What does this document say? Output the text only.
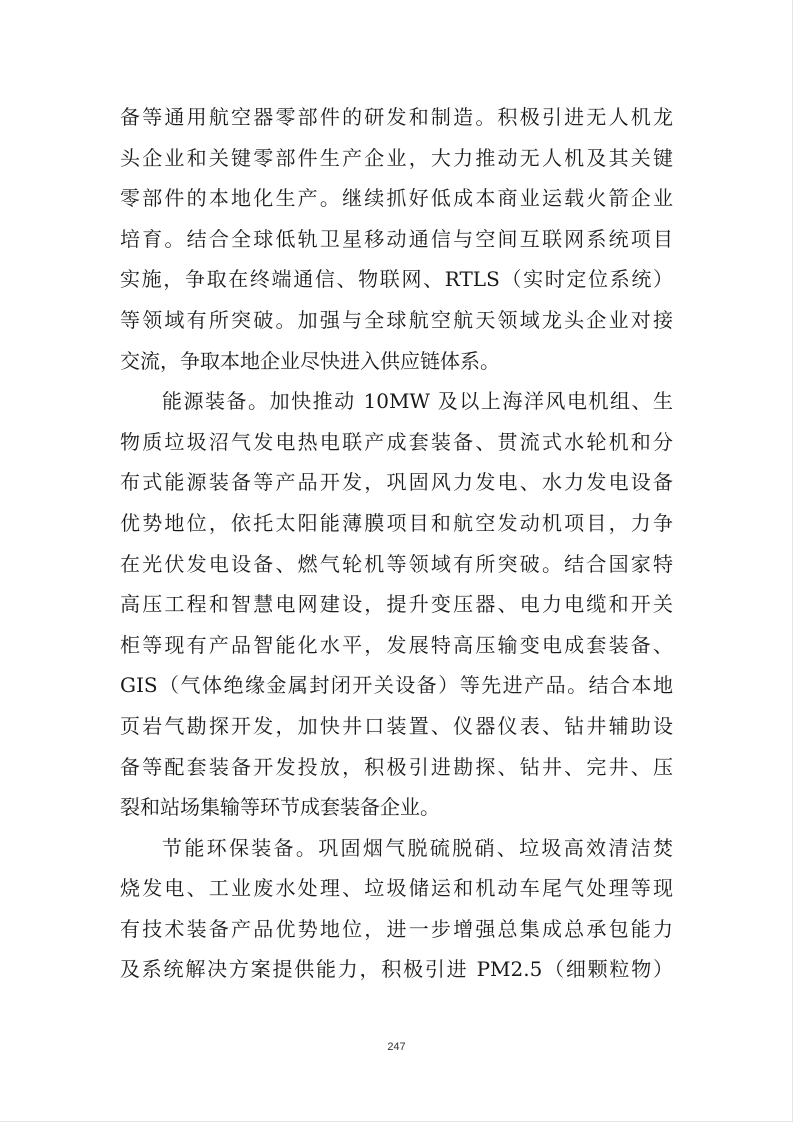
备等通用航空器零部件的研发和制造。积极引进无人机龙
头企业和关键零部件生产企业，大力推动无人机及其关键
零部件的本地化生产。继续抓好低成本商业运载火箭企业
培育。结合全球低轨卫星移动通信与空间互联网系统项目
实施，争取在终端通信、物联网、RTLS（实时定位系统）
等领域有所突破。加强与全球航空航天领域龙头企业对接
交流，争取本地企业尽快进入供应链体系。
能源装备。加快推动 10MW 及以上海洋风电机组、生
物质垃圾沼气发电热电联产成套装备、贯流式水轮机和分
布式能源装备等产品开发，巩固风力发电、水力发电设备
优势地位，依托太阳能薄膜项目和航空发动机项目，力争
在光伏发电设备、燃气轮机等领域有所突破。结合国家特
高压工程和智慧电网建设，提升变压器、电力电缆和开关
柜等现有产品智能化水平，发展特高压输变电成套装备、
GIS（气体绝缘金属封闭开关设备）等先进产品。结合本地
页岩气勘探开发，加快井口装置、仪器仪表、钻井辅助设
备等配套装备开发投放，积极引进勘探、钻井、完井、压
裂和站场集输等环节成套装备企业。
节能环保装备。巩固烟气脱硫脱硝、垃圾高效清洁焚
烧发电、工业废水处理、垃圾储运和机动车尾气处理等现
有技术装备产品优势地位，进一步增强总集成总承包能力
及系统解决方案提供能力，积极引进 PM2.5（细颗粒物）
247
